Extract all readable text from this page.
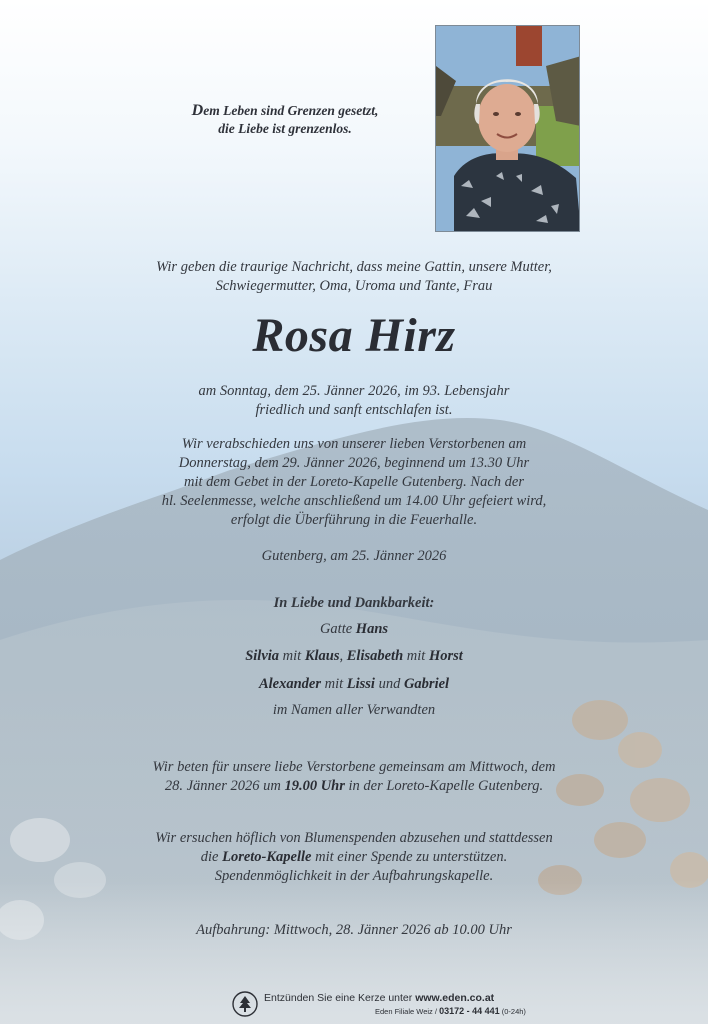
Dem Leben sind Grenzen gesetzt,
die Liebe ist grenzenlos.
Wir geben die traurige Nachricht, dass meine Gattin, unsere Mutter,
Schwiegermutter, Oma, Uroma und Tante, Frau
Rosa Hirz
am Sonntag, dem 25. Jänner 2026, im 93. Lebensjahr
friedlich und sanft entschlafen ist.
Wir verabschieden uns von unserer lieben Verstorbenen am
Donnerstag, dem 29. Jänner 2026, beginnend um 13.30 Uhr
mit dem Gebet in der Loreto-Kapelle Gutenberg. Nach der
hl. Seelenmesse, welche anschließend um 14.00 Uhr gefeiert wird,
erfolgt die Überführung in die Feuerhalle.
Gutenberg, am 25. Jänner 2026
In Liebe und Dankbarkeit:
Gatte Hans
Silvia mit Klaus, Elisabeth mit Horst
Alexander mit Lissi und Gabriel
im Namen aller Verwandten
Wir beten für unsere liebe Verstorbene gemeinsam am Mittwoch, dem
28. Jänner 2026 um 19.00 Uhr in der Loreto-Kapelle Gutenberg.
Wir ersuchen höflich von Blumenspenden abzusehen und stattdessen
die Loreto-Kapelle mit einer Spende zu unterstützen.
Spendenmöglichkeit in der Aufbahrungskapelle.
Aufbahrung: Mittwoch, 28. Jänner 2026 ab 10.00 Uhr
Entzünden Sie eine Kerze unter www.eden.co.at
Eden Filiale Weiz / 03172 - 44 441 (0-24h)
